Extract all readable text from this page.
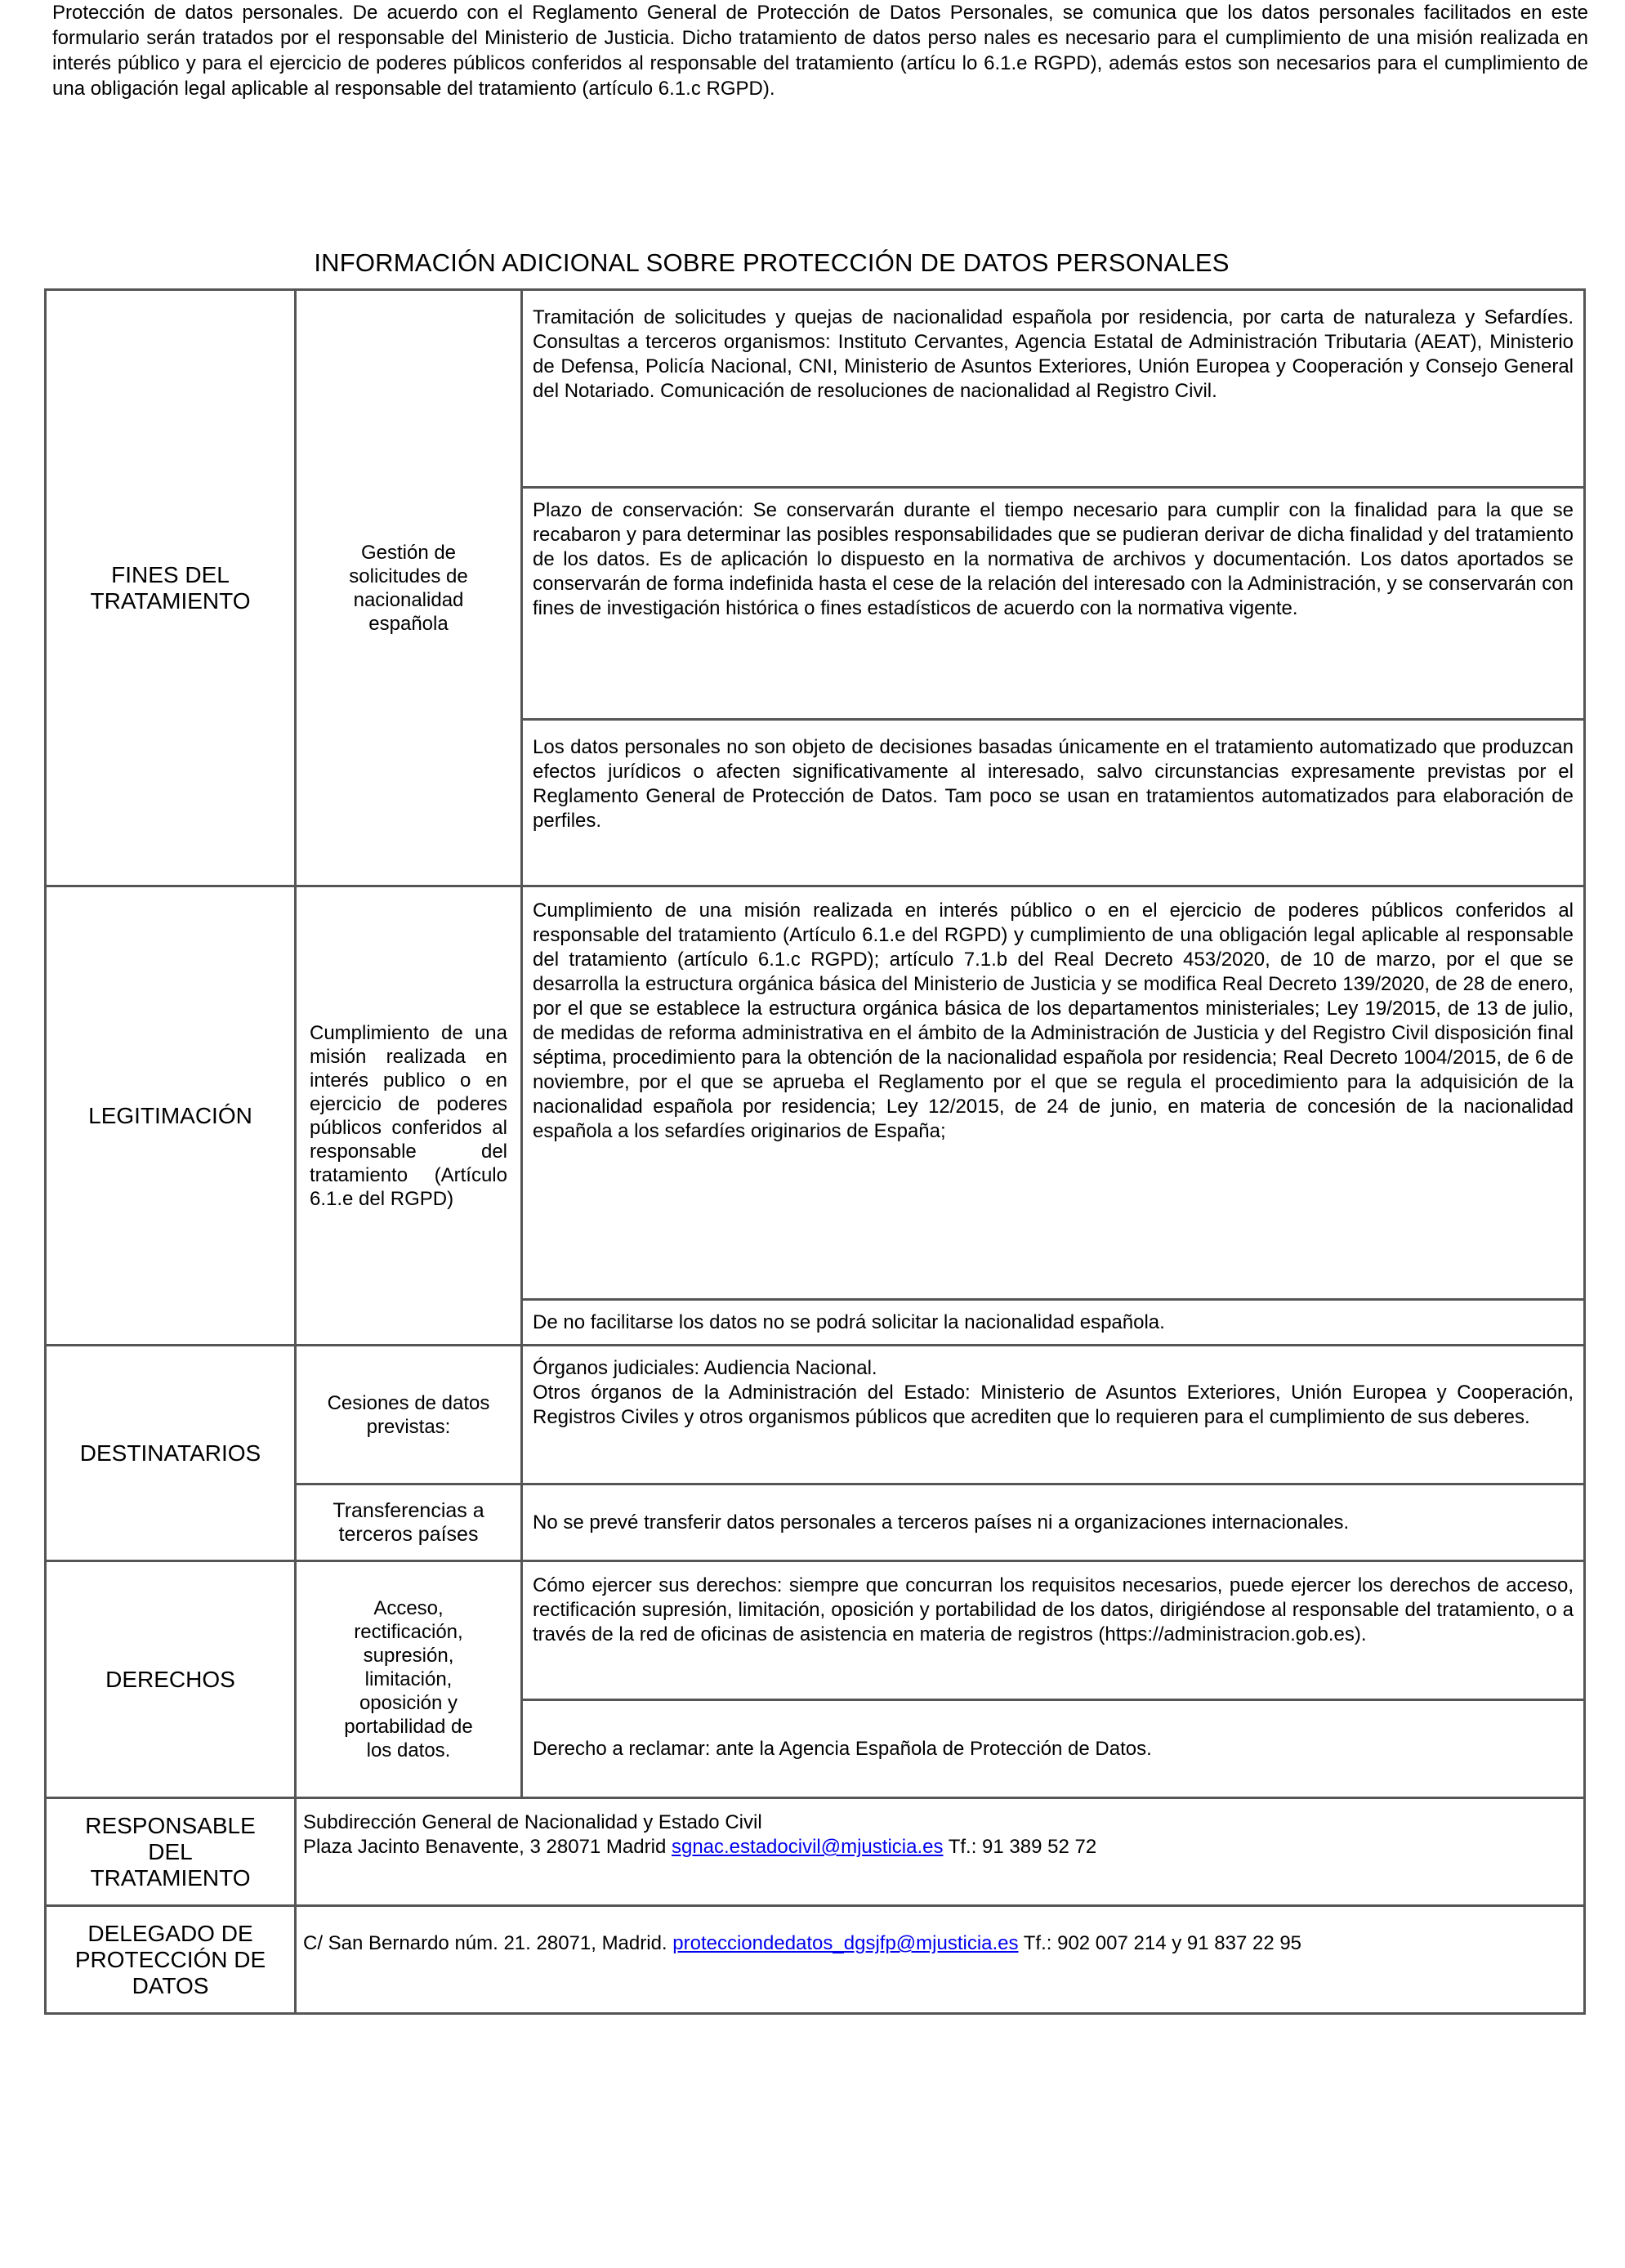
Protección de datos personales. De acuerdo con el Reglamento General de Protección de Datos Personales, se comunica que los datos personales facilitados en este formulario serán tratados por el responsable del Ministerio de Justicia. Dicho tratamiento de datos perso nales es necesario para el cumplimiento de una misión realizada en interés público y para el ejercicio de poderes públicos conferidos al responsable del tratamiento (artícu lo 6.1.e RGPD), además estos son necesarios para el cumplimiento de una obligación legal aplicable al responsable del tratamiento (artículo 6.1.c RGPD).

INFORMACIÓN ADICIONAL SOBRE PROTECCIÓN DE DATOS PERSONALES
FINES DEL TRATAMIENTO	Gestión de solicitudes de nacionalidad española	Tramitación de solicitudes y quejas de nacionalidad española por residencia, por carta de naturaleza y Sefardíes. Consultas a terceros organismos: Instituto Cervantes, Agencia Estatal de Administración Tributaria (AEAT), Ministerio de Defensa, Policía Nacional, CNI, Ministerio de Asuntos Exteriores, Unión Europea y Cooperación y Consejo General del Notariado. Comunicación de resoluciones de nacionalidad al Registro Civil.
		Plazo de conservación: Se conservarán durante el tiempo necesario para cumplir con la finalidad para la que se recabaron y para determinar las posibles responsabilidades que se pudieran derivar de dicha finalidad y del tratamiento de los datos. Es de aplicación lo dispuesto en la normativa de archivos y documentación. Los datos aportados se conservarán de forma indefinida hasta el cese de la relación del interesado con la Administración, y se conservarán con fines de investigación histórica o fines estadísticos de acuerdo con la normativa vigente.
		Los datos personales no son objeto de decisiones basadas únicamente en el tratamiento automatizado que produzcan efectos jurídicos o afecten significativamente al interesado, salvo circunstancias expresamente previstas por el Reglamento General de Protección de Datos. Tam poco se usan en tratamientos automatizados para elaboración de perfiles.
LEGITIMACIÓN	Cumplimiento de una misión realizada en interés publico o en ejercicio de poderes públicos conferidos al responsable del tratamiento (Artículo 6.1.e del RGPD)	Cumplimiento de una misión realizada en interés público o en el ejercicio de poderes públicos conferidos al responsable del tratamiento (Artículo 6.1.e del RGPD) y cumplimiento de una obligación legal aplicable al responsable del tratamiento (artículo 6.1.c RGPD); artículo 7.1.b del Real Decreto 453/2020, de 10 de marzo, por el que se desarrolla la estructura orgánica básica del Ministerio de Justicia y se modifica Real Decreto 139/2020, de 28 de enero, por el que se establece la estructura orgánica básica de los departamentos ministeriales; Ley 19/2015, de 13 de julio, de medidas de reforma administrativa en el ámbito de la Administración de Justicia y del Registro Civil disposición final séptima, procedimiento para la obtención de la nacionalidad española por residencia; Real Decreto 1004/2015, de 6 de noviembre, por el que se aprueba el Reglamento por el que se regula el procedimiento para la adquisición de la nacionalidad española por residencia; Ley 12/2015, de 24 de junio, en materia de concesión de la nacionalidad española a los sefardíes originarios de España;
		De no facilitarse los datos no se podrá solicitar la nacionalidad española.
DESTINATARIOS	Cesiones de datos previstas:	Órganos judiciales: Audiencia Nacional.
Otros órganos de la Administración del Estado: Ministerio de Asuntos Exteriores, Unión Europea y Cooperación, Registros Civiles y otros organismos públicos que acrediten que lo requieren para el cumplimiento de sus deberes.

	Transferencias a terceros países	No se prevé transferir datos personales a terceros países ni a organizaciones internacionales.
DERECHOS	Acceso, rectificación, supresión, limitación, oposición y portabilidad de los datos.	Cómo ejercer sus derechos: siempre que concurran los requisitos necesarios, puede ejercer los derechos de acceso, rectificación supresión, limitación, oposición y portabilidad de los datos, dirigiéndose al responsable del tratamiento, o a través de la red de oficinas de asistencia en materia de registros (https://administracion.gob.es).
		Derecho a reclamar: ante la Agencia Española de Protección de Datos.

RESPONSABLE DEL TRATAMIENTO	Subdirección General de Nacionalidad y Estado Civil
Plaza Jacinto Benavente, 3 28071 Madrid sgnac.estadocivil@mjusticia.es Tf.: 91 389 52 72	

DELEGADO DE PROTECCIÓN DE DATOS	C/ San Bernardo núm. 21. 28071, Madrid. protecciondedatos_dgsjfp@mjusticia.es Tf.: 902 007 214 y 91 837 22 95	
